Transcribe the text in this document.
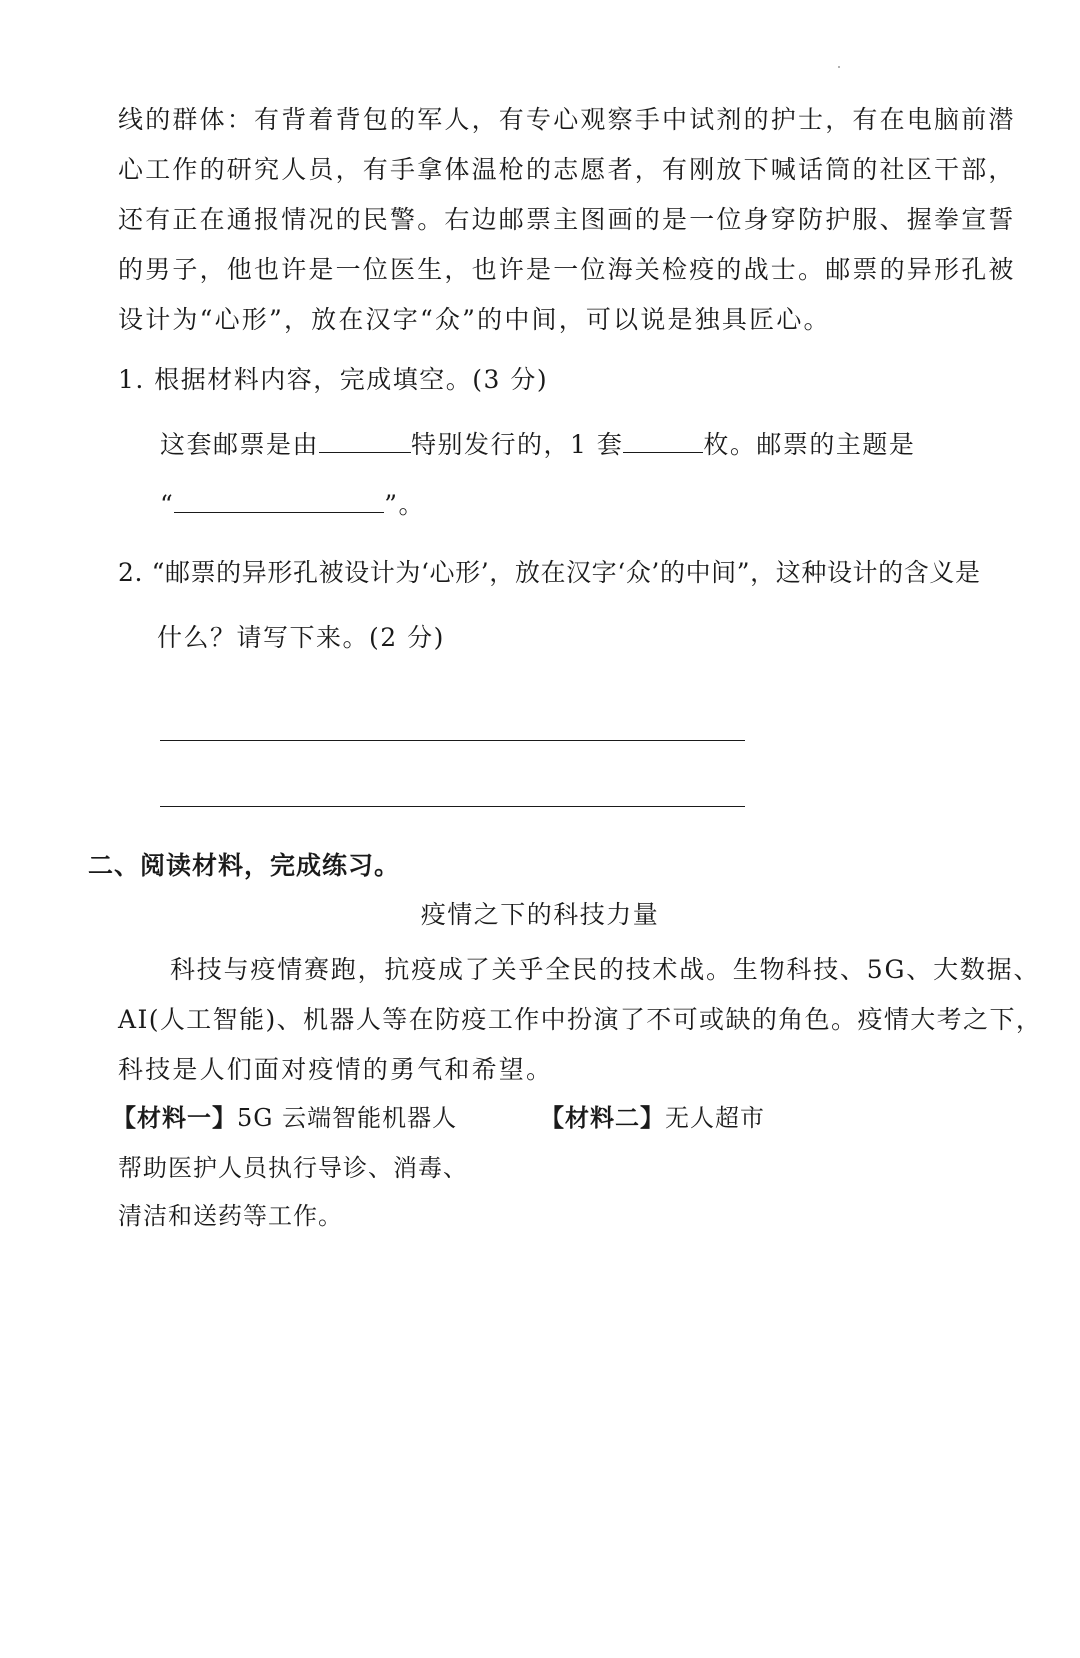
线的群体：有背着背包的军人，有专心观察手中试剂的护士，有在电脑前潜
心工作的研究人员，有手拿体温枪的志愿者，有刚放下喊话筒的社区干部，
还有正在通报情况的民警。右边邮票主图画的是一位身穿防护服、握拳宣誓
的男子，他也许是一位医生，也许是一位海关检疫的战士。邮票的异形孔被
设计为“心形”，放在汉字“众”的中间，可以说是独具匠心。
1. 根据材料内容，完成填空。(3 分)
这套邮票是由	特别发行的，1 套	枚。邮票的主题是
“	”。
2. “邮票的异形孔被设计为‘心形’，放在汉字‘众’的中间”，这种设计的含义是
什么？请写下来。(2 分)
二、阅读材料，完成练习。
疫情之下的科技力量
科技与疫情赛跑，抗疫成了关乎全民的技术战。生物科技、5G、大数据、
AI(人工智能)、机器人等在防疫工作中扮演了不可或缺的角色。疫情大考之下，
科技是人们面对疫情的勇气和希望。
【材料一】5G 云端智能机器人	【材料二】无人超市
帮助医护人员执行导诊、消毒、
清洁和送药等工作。
